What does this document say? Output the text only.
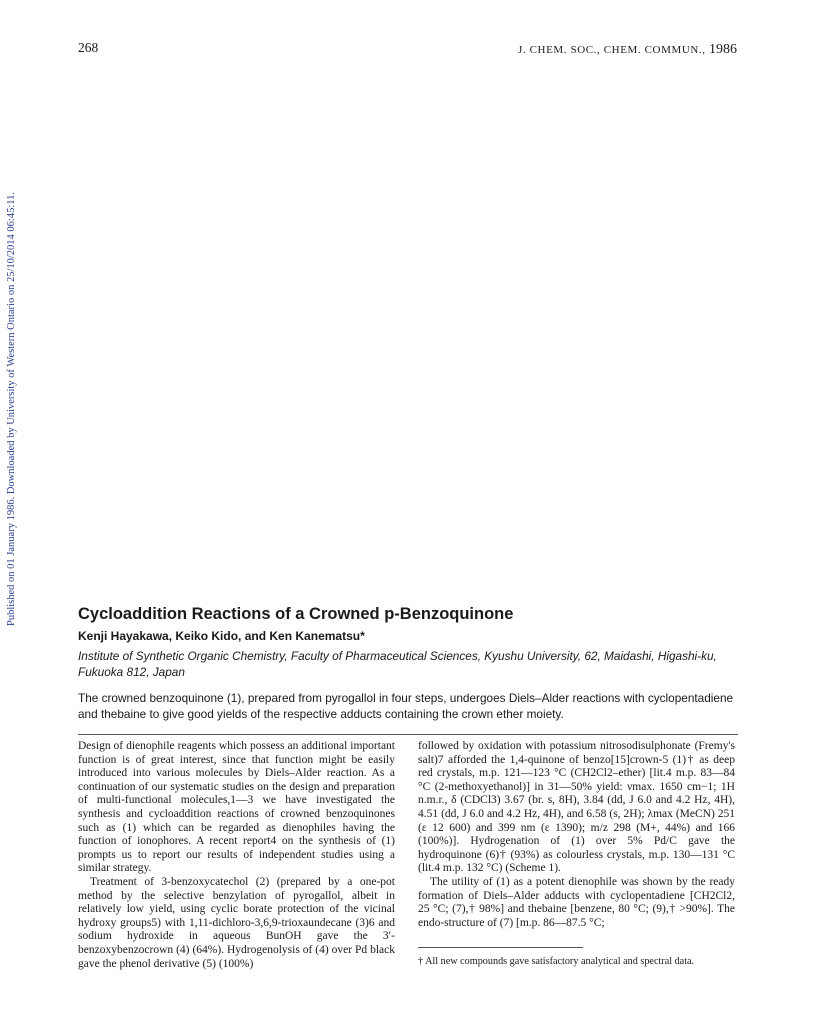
268	J. CHEM. SOC., CHEM. COMMUN., 1986
Published on 01 January 1986. Downloaded by University of Western Ontario on 25/10/2014 06:45:11.	Cycloaddition Reactions of a Crowned p-Benzoquinone
Kenji Hayakawa, Keiko Kido, and Ken Kanematsu*
Institute of Synthetic Organic Chemistry, Faculty of Pharmaceutical Sciences, Kyushu University, 62, Maidashi, Higashi-ku, Fukuoka 812, Japan
The crowned benzoquinone (1), prepared from pyrogallol in four steps, undergoes Diels–Alder reactions with cyclopentadiene and thebaine to give good yields of the respective adducts containing the crown ether moiety.

Design of dienophile reagents which possess an additional important function is of great interest, since that function might be easily introduced into various molecules by Diels–Alder reaction. As a continuation of our systematic studies on the design and preparation of multi-functional molecules,1—3 we have investigated the synthesis and cycloaddition reactions of crowned benzoquinones such as (1) which can be regarded as dienophiles having the function of ionophores. A recent report4 on the synthesis of (1) prompts us to report our results of independent studies using a similar strategy.

Treatment of 3-benzoxycatechol (2) (prepared by a one-pot method by the selective benzylation of pyrogallol, albeit in relatively low yield, using cyclic borate protection of the vicinal hydroxy groups5) with 1,11-dichloro-3,6,9-trioxaundecane (3)6 and sodium hydroxide in aqueous BunOH gave the 3′-benzoxybenzocrown (4) (64%). Hydrogenolysis of (4) over Pd black gave the phenol derivative (5) (100%)

followed by oxidation with potassium nitrosodisulphonate (Fremy's salt)7 afforded the 1,4-quinone of benzo[15]crown-5 (1)† as deep red crystals, m.p. 121—123 °C (CH2Cl2–ether) [lit.4 m.p. 83—84 °C (2-methoxyethanol)] in 31—50% yield: νmax. 1650 cm−1; 1H n.m.r., δ (CDCl3) 3.67 (br. s, 8H), 3.84 (dd, J 6.0 and 4.2 Hz, 4H), 4.51 (dd, J 6.0 and 4.2 Hz, 4H), and 6.58 (s, 2H); λmax (MeCN) 251 (ε 12 600) and 399 nm (ε 1390); m/z 298 (M+, 44%) and 166 (100%)]. Hydrogenation of (1) over 5% Pd/C gave the hydroquinone (6)† (93%) as colourless crystals, m.p. 130—131 °C (lit.4 m.p. 132 °C) (Scheme 1).

The utility of (1) as a potent dienophile was shown by the ready formation of Diels–Alder adducts with cyclopentadiene [CH2Cl2, 25 °C; (7),† 98%] and thebaine [benzene, 80 °C; (9),† >90%]. The endo-structure of (7) [m.p. 86—87.5 °C;

† All new compounds gave satisfactory analytical and spectral data.
